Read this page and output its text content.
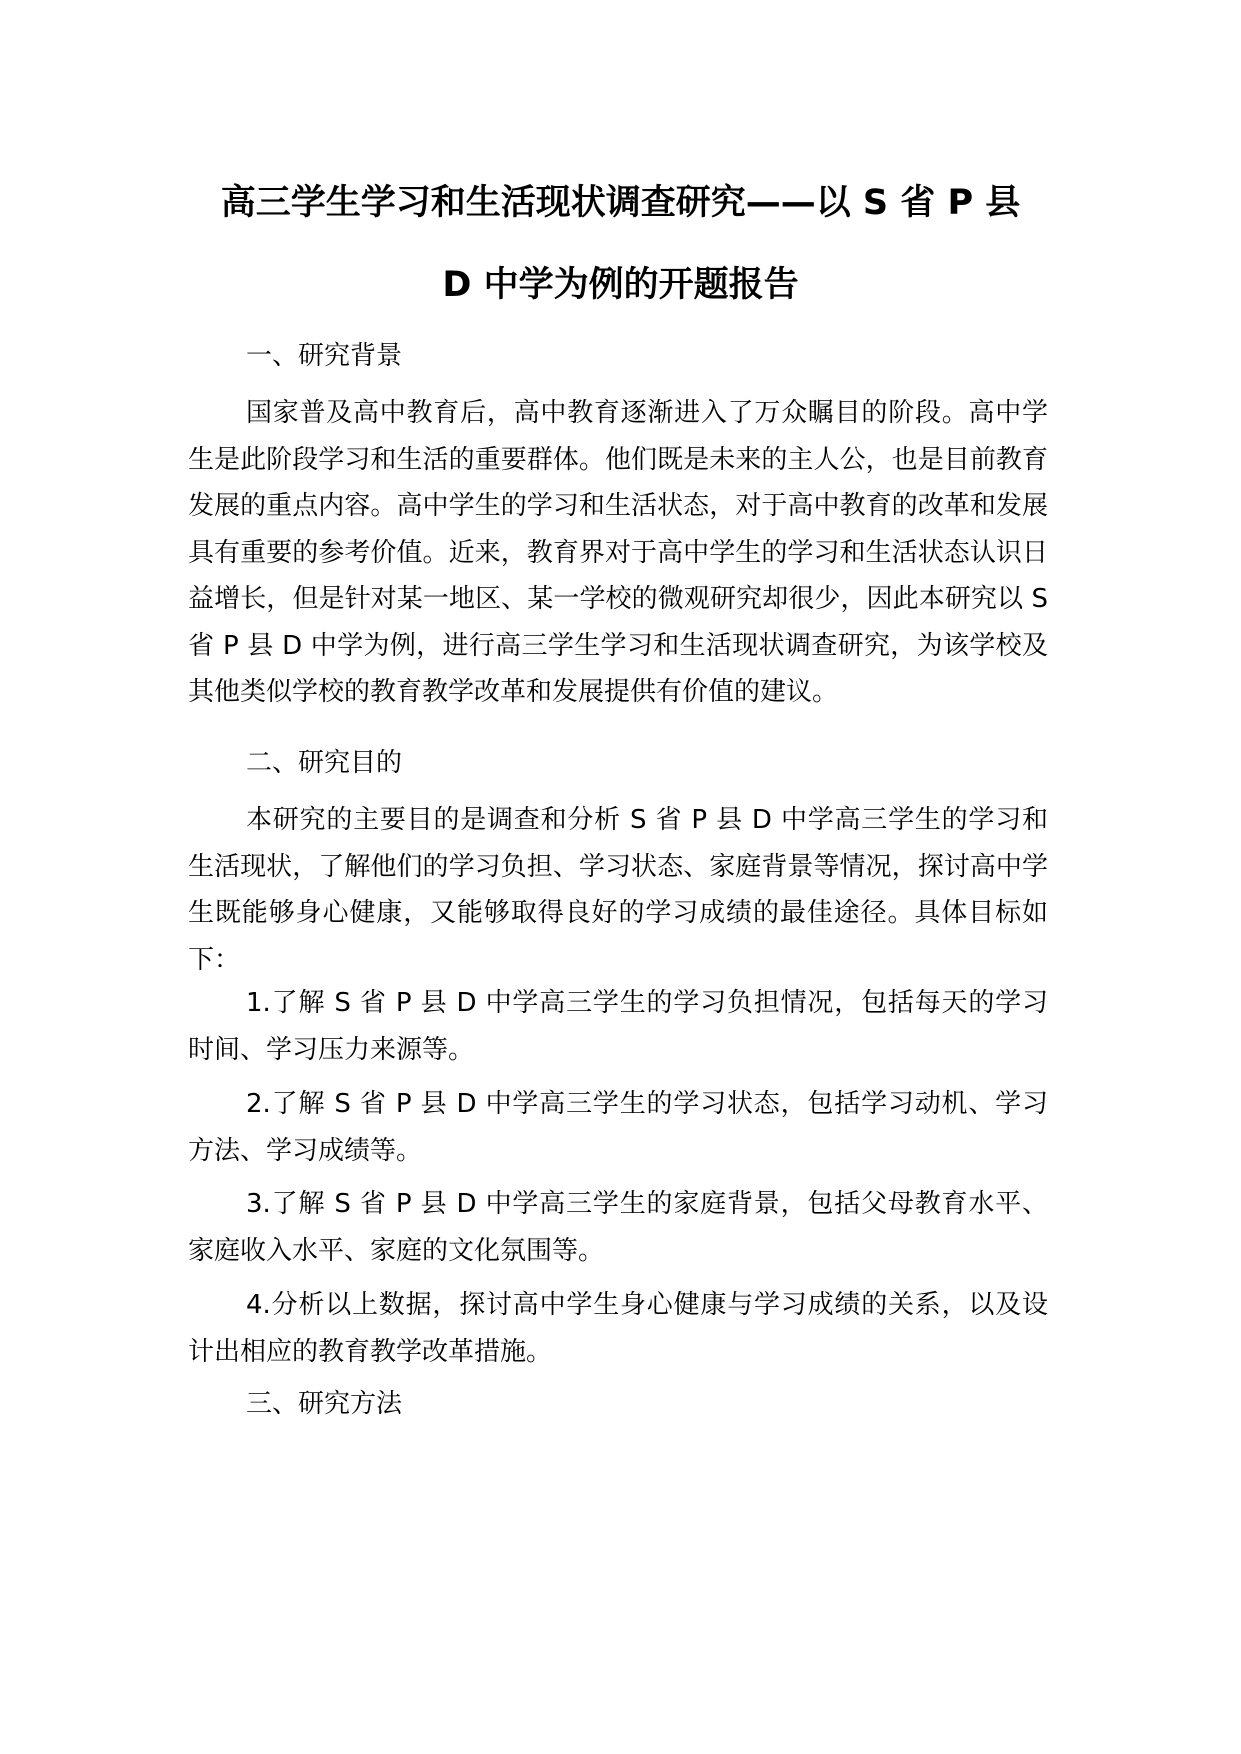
高三学生学习和生活现状调查研究——以 S 省 P 县
D 中学为例的开题报告
一、研究背景
国家普及高中教育后，高中教育逐渐进入了万众瞩目的阶段。高中学生是此阶段学习和生活的重要群体。他们既是未来的主人公，也是目前教育发展的重点内容。高中学生的学习和生活状态，对于高中教育的改革和发展具有重要的参考价值。近来，教育界对于高中学生的学习和生活状态认识日益增长，但是针对某一地区、某一学校的微观研究却很少，因此本研究以 S 省 P 县 D 中学为例，进行高三学生学习和生活现状调查研究，为该学校及其他类似学校的教育教学改革和发展提供有价值的建议。
二、研究目的
本研究的主要目的是调查和分析 S 省 P 县 D 中学高三学生的学习和生活现状，了解他们的学习负担、学习状态、家庭背景等情况，探讨高中学生既能够身心健康，又能够取得良好的学习成绩的最佳途径。具体目标如下：
1.了解 S 省 P 县 D 中学高三学生的学习负担情况，包括每天的学习时间、学习压力来源等。
2.了解 S 省 P 县 D 中学高三学生的学习状态，包括学习动机、学习方法、学习成绩等。
3.了解 S 省 P 县 D 中学高三学生的家庭背景，包括父母教育水平、家庭收入水平、家庭的文化氛围等。
4.分析以上数据，探讨高中学生身心健康与学习成绩的关系，以及设计出相应的教育教学改革措施。
三、研究方法
